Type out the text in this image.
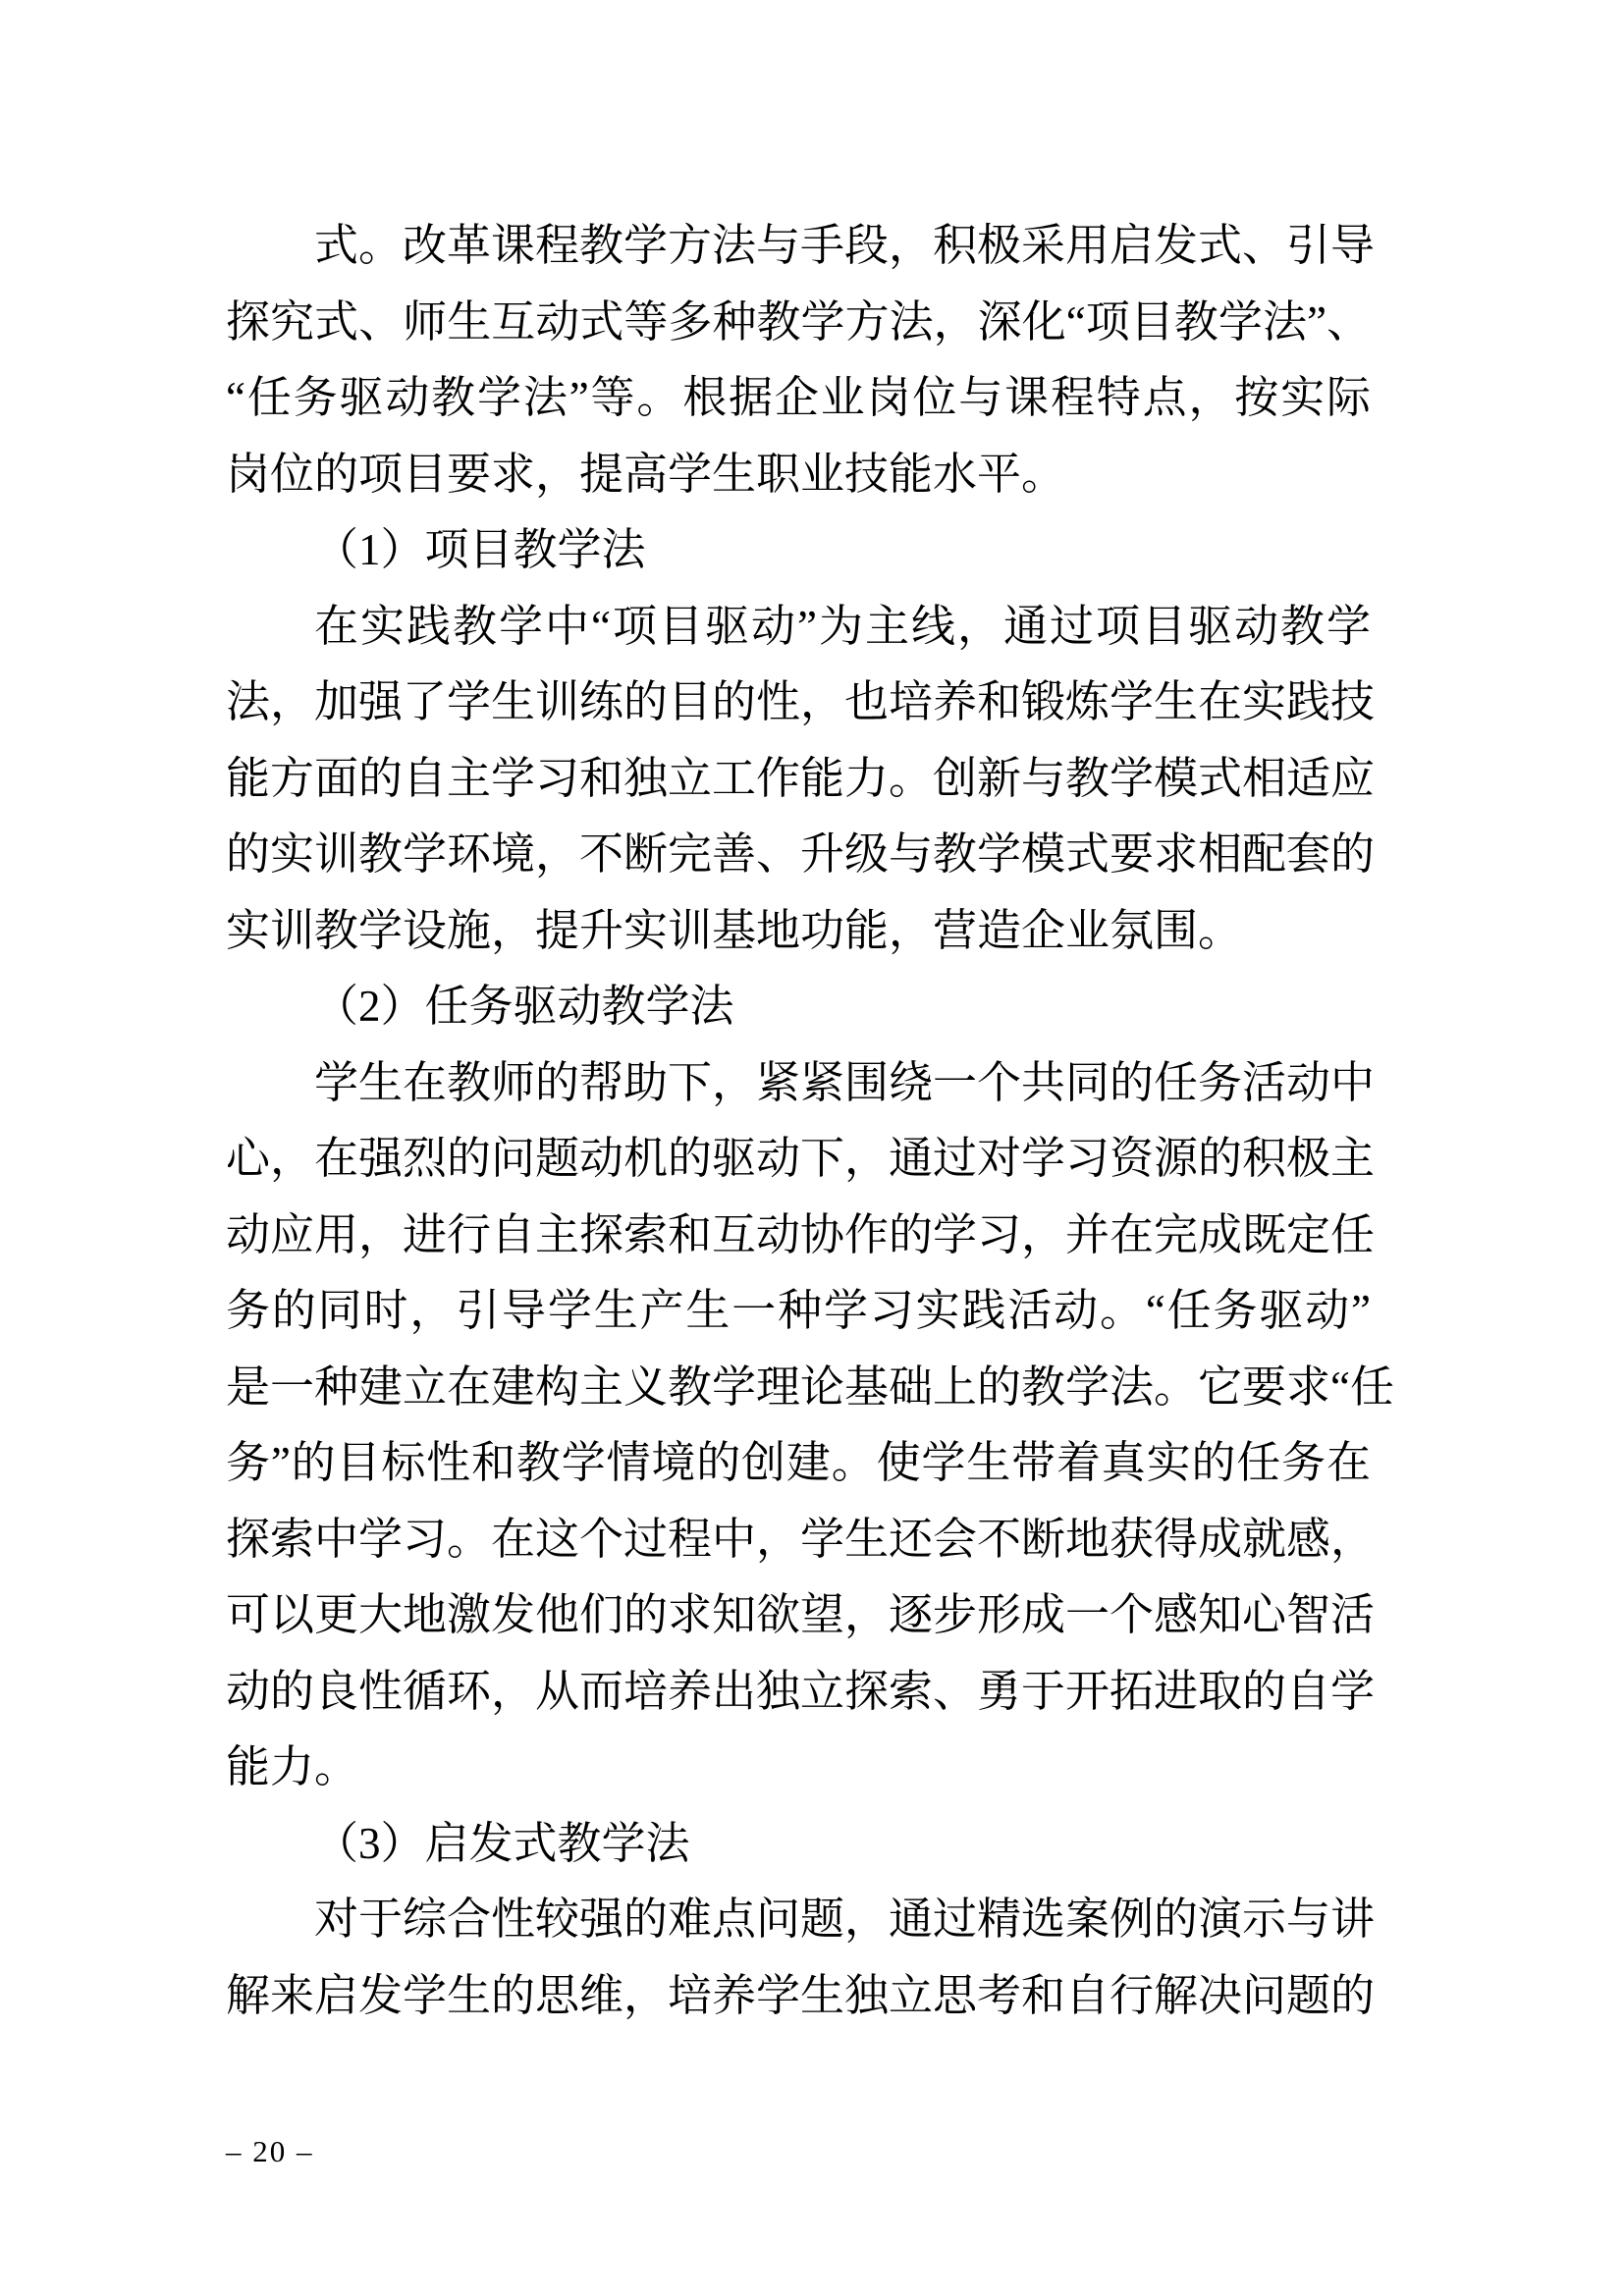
式。改革课程教学方法与手段，积极采用启发式、引导
探究式、师生互动式等多种教学方法，深化“项目教学法”、
“任务驱动教学法”等。根据企业岗位与课程特点，按实际
岗位的项目要求，提高学生职业技能水平。
（1）项目教学法
在实践教学中“项目驱动”为主线，通过项目驱动教学
法，加强了学生训练的目的性，也培养和锻炼学生在实践技
能方面的自主学习和独立工作能力。创新与教学模式相适应
的实训教学环境，不断完善、升级与教学模式要求相配套的
实训教学设施，提升实训基地功能，营造企业氛围。
（2）任务驱动教学法
学生在教师的帮助下，紧紧围绕一个共同的任务活动中
心，在强烈的问题动机的驱动下，通过对学习资源的积极主
动应用，进行自主探索和互动协作的学习，并在完成既定任
务的同时，引导学生产生一种学习实践活动。“任务驱动”
是一种建立在建构主义教学理论基础上的教学法。它要求“任
务”的目标性和教学情境的创建。使学生带着真实的任务在
探索中学习。在这个过程中，学生还会不断地获得成就感，
可以更大地激发他们的求知欲望，逐步形成一个感知心智活
动的良性循环，从而培养出独立探索、勇于开拓进取的自学
能力。
（3）启发式教学法
对于综合性较强的难点问题，通过精选案例的演示与讲
解来启发学生的思维，培养学生独立思考和自行解决问题的
– 20 –
